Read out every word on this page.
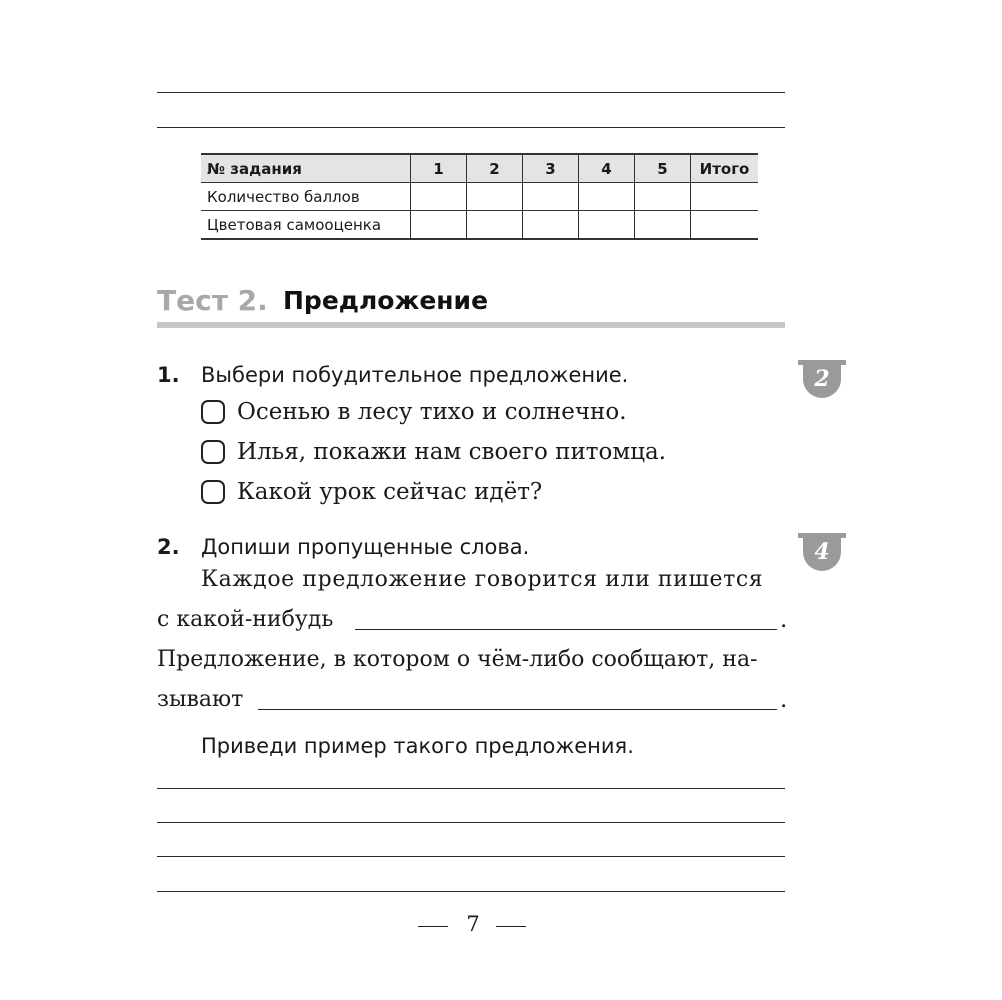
№ задания	1	2	3	4	5	Итого
Количество баллов						
Цветовая самооценка						
Тест 2. Предложение
1. Выбери побудительное предложение.	2
Осенью в лесу тихо и солнечно.
Илья, покажи нам своего питомца.
Какой урок сейчас идёт?
2. Допиши пропущенные слова.	4
Каждое предложение говорится или пишется
с какой-нибудь	.
Предложение, в котором о чём-либо сообщают, на-
зывают	.
Приведи пример такого предложения.
7
